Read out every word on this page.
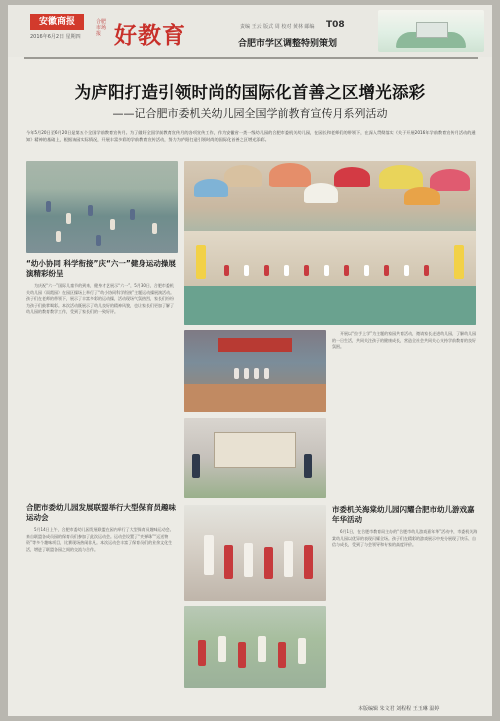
安徽商报
2016年6月2日 星期四
合肥市场报 好教育	责编 王云 版式 周 校对 黄林 邮编 T08
合肥市学区调整特别策划
为庐阳打造引领时尚的国际化首善之区增光添彩
——记合肥市委机关幼儿园全国学前教育宣传月系列活动
今年5月20日至6月20日是第五个全国学前教育宣传月。为了做好全国学前教育宣传月的各项宣传工作，作为安徽省一类一级幼儿园的合肥市委机关幼儿园，在园长和老师们的带领下，在深入贯彻落实《关于开展2016年学前教育宣传月活动的通知》精神的基础上，根据该园实际情况，开展丰富多彩的学前教育宣传活动，努力为庐阳打造引领时尚的国际化首善之区增光添彩。
“幼小协同 科学衔接”庆“六一”健身运动操展演精彩纷呈

为庆祝“六一”国际儿童节的到来，健身才艺展示“六一”，5月30日，合肥市委机关幼儿园（雨霞园）在园区操场上举行了“幼小协同科学衔接”主题运动操展演活动。孩子们在老师的带领下，展示了丰富多彩的运动操，活动现场气氛热烈，家长们纷纷为孩子们鼓掌喝彩。本次活动既展示了幼儿良好的精神风貌，也让家长们更加了解了幼儿园的教育教学工作，受到了家长们的一致好评。

合肥市委幼儿园发展联盟举行大型保育员趣味运动会

5月14日上午，合肥市委幼儿园发展联盟在园内举行了大型保育员趣味运动会。来自联盟各成员园的保育员们参加了此次运动会。运动会设置了“夹弹珠”“运送物资”等多个趣味项目，比赛现场热闹非凡。本次运动会丰富了保育员们的业余文化生活，增进了联盟各园之间的交流与合作。

开展以“拉手上学”为主题的家园共育活动，邀请家长走进幼儿园，了解幼儿园的一日生活，共同关注孩子的健康成长，营造全社会共同关心支持学前教育的良好氛围。

市委机关海棠幼儿园闪耀合肥市幼儿游戏嘉年华活动

6月1日，在合肥市教育局主办的“合肥市幼儿游戏嘉年华”活动中，市委机关海棠幼儿园以优异的表现闪耀全场。孩子们在精彩的游戏展示中充分展现了快乐、自信与成长，受到了与会领导和专家的高度评价。

本版编辑 朱文君 刘程程 王玉琳 温婷
